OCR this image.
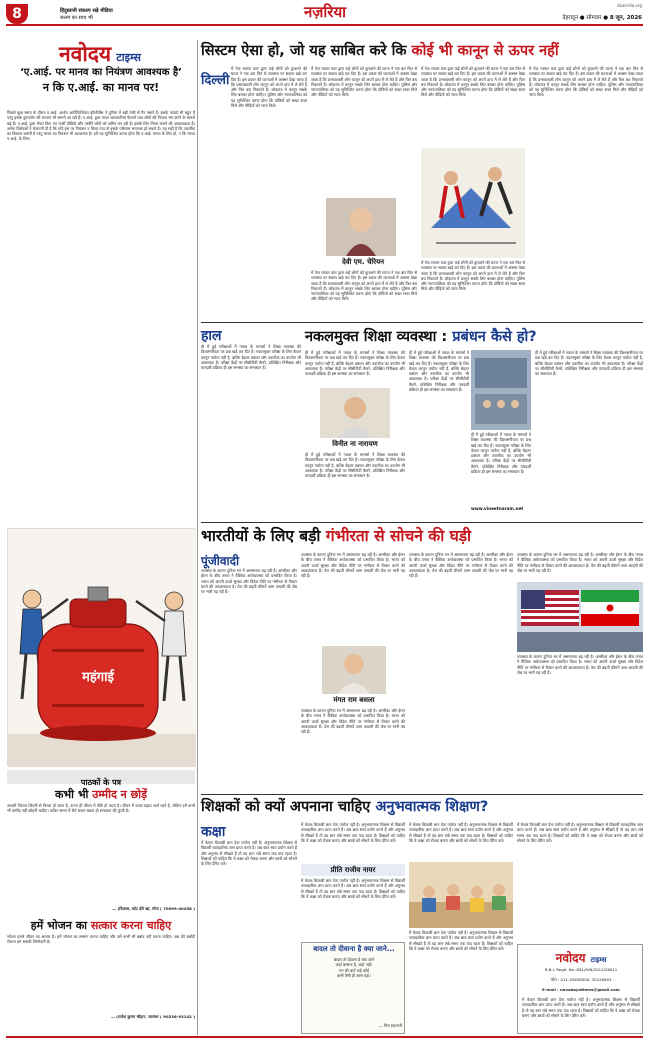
8	हिंदुस्तानी संकल्प रखे मीडिया
कलम का साथ भी	नज़रिया	nbaindia.org
देहरादून ● सोमवार ● 8 जून, 2026
नवोदय टाइम्स
‘ए.आई. पर मानव का नियंत्रण आवश्यक है’
न कि ए.आई. का मानव पर!
पिछले कुछ समय के दौरान ए.आई. अर्थात आर्टिफिशियल इंटैलीजैंस ने दुनिया में बड़ी तेजी से पैर पसारे हैं। इसके फायदे भी बहुत हैं परंतु इसके दुरुपयोग की घटनाएं भी सामने आ रही हैं। ए.आई. द्वारा गलत जानकारियां फैलाने तथा लोगों की निजता भंग करने के मामले बढ़े हैं। ए.आई. द्वारा तैयार किए गए फर्जी वीडियो और तस्वीरें लोगों को भ्रमित कर रही हैं। इसके लिए नियम बनाने की आवश्यकता है। अनेक विशेषज्ञों ने चेतावनी दी है कि यदि इस पर नियंत्रण न किया गया तो इसके परिणाम भयानक हो सकते हैं। यह सही है कि तकनीक का विकास जरूरी है परंतु मानव का नियंत्रण भी आवश्यक है। हमें यह सुनिश्चित करना होगा कि ए.आई. मानव के लिए हो, न कि मानव ए.आई. के लिए।
महंगाई
पाठकों के पत्र
कभी भी उम्मीद न छोड़ें
आदमी जितना जिंदगी से निराश हो जाता है, उतना ही जीवन में पीछे हो जाता है। जीवन में उतार-चढ़ाव आते रहते हैं, लेकिन हमें कभी भी उम्मीद नहीं छोड़नी चाहिए। कठिन समय में धैर्य बनाए रखना ही सफलता की कुंजी है।
— (विकास, कोट ईसे खां, मोगा ( 70099-40458 )
हमें भोजन का सत्कार करना चाहिए
भोजन हमारे जीवन का आधार है। हमें भोजन का सम्मान करना चाहिए और उसे कभी भी बर्बाद नहीं करना चाहिए। अन्न की बर्बादी रोकना हम सबकी जिम्मेदारी है।
— (राजेश कुमार चौहान, जालंधर ( 90236-93142 )
सिस्टम ऐसा हो, जो यह साबित करे कि कोई भी कानून से ऊपर नहीं
दिल्ली
में तेज रफ्तार कार द्वारा कई लोगों को कुचलने की घटना ने एक बार फिर से व्यवस्था पर सवाल खड़े कर दिए हैं। इस प्रकार की घटनाओं में अक्सर देखा जाता है कि प्रभावशाली लोग कानून को अपने हाथ में ले लेते हैं और फिर बच निकलते हैं। लोकतंत्र में कानून सबके लिए बराबर होना चाहिए। पुलिस और न्यायपालिका को यह सुनिश्चित करना होगा कि दोषियों को सख्त सजा मिले और पीड़ितों को न्याय मिले।
में तेज रफ्तार कार द्वारा कई लोगों को कुचलने की घटना ने एक बार फिर से व्यवस्था पर सवाल खड़े कर दिए हैं। इस प्रकार की घटनाओं में अक्सर देखा जाता है कि प्रभावशाली लोग कानून को अपने हाथ में ले लेते हैं और फिर बच निकलते हैं। लोकतंत्र में कानून सबके लिए बराबर होना चाहिए। पुलिस और न्यायपालिका को यह सुनिश्चित करना होगा कि दोषियों को सख्त सजा मिले और पीड़ितों को न्याय मिले।
देवी एम. चेरियन
में तेज रफ्तार कार द्वारा कई लोगों को कुचलने की घटना ने एक बार फिर से व्यवस्था पर सवाल खड़े कर दिए हैं। इस प्रकार की घटनाओं में अक्सर देखा जाता है कि प्रभावशाली लोग कानून को अपने हाथ में ले लेते हैं और फिर बच निकलते हैं। लोकतंत्र में कानून सबके लिए बराबर होना चाहिए। पुलिस और न्यायपालिका को यह सुनिश्चित करना होगा कि दोषियों को सख्त सजा मिले और पीड़ितों को न्याय मिले।
में तेज रफ्तार कार द्वारा कई लोगों को कुचलने की घटना ने एक बार फिर से व्यवस्था पर सवाल खड़े कर दिए हैं। इस प्रकार की घटनाओं में अक्सर देखा जाता है कि प्रभावशाली लोग कानून को अपने हाथ में ले लेते हैं और फिर बच निकलते हैं। लोकतंत्र में कानून सबके लिए बराबर होना चाहिए। पुलिस और न्यायपालिका को यह सुनिश्चित करना होगा कि दोषियों को सख्त सजा मिले और पीड़ितों को न्याय मिले।
में तेज रफ्तार कार द्वारा कई लोगों को कुचलने की घटना ने एक बार फिर से व्यवस्था पर सवाल खड़े कर दिए हैं। इस प्रकार की घटनाओं में अक्सर देखा जाता है कि प्रभावशाली लोग कानून को अपने हाथ में ले लेते हैं और फिर बच निकलते हैं। लोकतंत्र में कानून सबके लिए बराबर होना चाहिए। पुलिस और न्यायपालिका को यह सुनिश्चित करना होगा कि दोषियों को सख्त सजा मिले और पीड़ितों को न्याय मिले।
में तेज रफ्तार कार द्वारा कई लोगों को कुचलने की घटना ने एक बार फिर से व्यवस्था पर सवाल खड़े कर दिए हैं। इस प्रकार की घटनाओं में अक्सर देखा जाता है कि प्रभावशाली लोग कानून को अपने हाथ में ले लेते हैं और फिर बच निकलते हैं। लोकतंत्र में कानून सबके लिए बराबर होना चाहिए। पुलिस और न्यायपालिका को यह सुनिश्चित करना होगा कि दोषियों को सख्त सजा मिले और पीड़ितों को न्याय मिले।
हाल
ही में हुई परीक्षाओं में नकल के मामलों ने शिक्षा व्यवस्था की विश्वसनीयता पर प्रश्न खड़े कर दिए हैं। नकलमुक्त परीक्षा के लिए केवल कानून पर्याप्त नहीं है, बल्कि बेहतर प्रबंधन और तकनीक का उपयोग भी आवश्यक है। परीक्षा केंद्रों पर सीसीटीवी कैमरे, प्रशिक्षित निरीक्षक और पारदर्शी प्रक्रिया ही इस समस्या का समाधान हैं।
नकलमुक्त शिक्षा व्यवस्था : प्रबंधन कैसे हो?
ही में हुई परीक्षाओं में नकल के मामलों ने शिक्षा व्यवस्था की विश्वसनीयता पर प्रश्न खड़े कर दिए हैं। नकलमुक्त परीक्षा के लिए केवल कानून पर्याप्त नहीं है, बल्कि बेहतर प्रबंधन और तकनीक का उपयोग भी आवश्यक है। परीक्षा केंद्रों पर सीसीटीवी कैमरे, प्रशिक्षित निरीक्षक और पारदर्शी प्रक्रिया ही इस समस्या का समाधान हैं।
विनीत ना नारायण
ही में हुई परीक्षाओं में नकल के मामलों ने शिक्षा व्यवस्था की विश्वसनीयता पर प्रश्न खड़े कर दिए हैं। नकलमुक्त परीक्षा के लिए केवल कानून पर्याप्त नहीं है, बल्कि बेहतर प्रबंधन और तकनीक का उपयोग भी आवश्यक है। परीक्षा केंद्रों पर सीसीटीवी कैमरे, प्रशिक्षित निरीक्षक और पारदर्शी प्रक्रिया ही इस समस्या का समाधान हैं।
ही में हुई परीक्षाओं में नकल के मामलों ने शिक्षा व्यवस्था की विश्वसनीयता पर प्रश्न खड़े कर दिए हैं। नकलमुक्त परीक्षा के लिए केवल कानून पर्याप्त नहीं है, बल्कि बेहतर प्रबंधन और तकनीक का उपयोग भी आवश्यक है। परीक्षा केंद्रों पर सीसीटीवी कैमरे, प्रशिक्षित निरीक्षक और पारदर्शी प्रक्रिया ही इस समस्या का समाधान हैं।
ही में हुई परीक्षाओं में नकल के मामलों ने शिक्षा व्यवस्था की विश्वसनीयता पर प्रश्न खड़े कर दिए हैं। नकलमुक्त परीक्षा के लिए केवल कानून पर्याप्त नहीं है, बल्कि बेहतर प्रबंधन और तकनीक का उपयोग भी आवश्यक है। परीक्षा केंद्रों पर सीसीटीवी कैमरे, प्रशिक्षित निरीक्षक और पारदर्शी प्रक्रिया ही इस समस्या का समाधान हैं।
www.vineetnarain.net
ही में हुई परीक्षाओं में नकल के मामलों ने शिक्षा व्यवस्था की विश्वसनीयता पर प्रश्न खड़े कर दिए हैं। नकलमुक्त परीक्षा के लिए केवल कानून पर्याप्त नहीं है, बल्कि बेहतर प्रबंधन और तकनीक का उपयोग भी आवश्यक है। परीक्षा केंद्रों पर सीसीटीवी कैमरे, प्रशिक्षित निरीक्षक और पारदर्शी प्रक्रिया ही इस समस्या का समाधान हैं।
भारतीयों के लिए बड़ी गंभीरता से सोचने की घड़ी
पूंजीवादी
व्यवस्था के कारण दुनिया भर में असमानता बढ़ रही है। अमरीका और ईरान के बीच तनाव ने वैश्विक अर्थव्यवस्था को प्रभावित किया है। भारत को अपनी ऊर्जा सुरक्षा और विदेश नीति पर गंभीरता से विचार करने की आवश्यकता है। तेल की बढ़ती कीमतें आम आदमी की जेब पर भारी पड़ रही हैं।
व्यवस्था के कारण दुनिया भर में असमानता बढ़ रही है। अमरीका और ईरान के बीच तनाव ने वैश्विक अर्थव्यवस्था को प्रभावित किया है। भारत को अपनी ऊर्जा सुरक्षा और विदेश नीति पर गंभीरता से विचार करने की आवश्यकता है। तेल की बढ़ती कीमतें आम आदमी की जेब पर भारी पड़ रही हैं।
मंगत राम बसला
व्यवस्था के कारण दुनिया भर में असमानता बढ़ रही है। अमरीका और ईरान के बीच तनाव ने वैश्विक अर्थव्यवस्था को प्रभावित किया है। भारत को अपनी ऊर्जा सुरक्षा और विदेश नीति पर गंभीरता से विचार करने की आवश्यकता है। तेल की बढ़ती कीमतें आम आदमी की जेब पर भारी पड़ रही हैं।
व्यवस्था के कारण दुनिया भर में असमानता बढ़ रही है। अमरीका और ईरान के बीच तनाव ने वैश्विक अर्थव्यवस्था को प्रभावित किया है। भारत को अपनी ऊर्जा सुरक्षा और विदेश नीति पर गंभीरता से विचार करने की आवश्यकता है। तेल की बढ़ती कीमतें आम आदमी की जेब पर भारी पड़ रही हैं।
व्यवस्था के कारण दुनिया भर में असमानता बढ़ रही है। अमरीका और ईरान के बीच तनाव ने वैश्विक अर्थव्यवस्था को प्रभावित किया है। भारत को अपनी ऊर्जा सुरक्षा और विदेश नीति पर गंभीरता से विचार करने की आवश्यकता है। तेल की बढ़ती कीमतें आम आदमी की जेब पर भारी पड़ रही हैं।
व्यवस्था के कारण दुनिया भर में असमानता बढ़ रही है। अमरीका और ईरान के बीच तनाव ने वैश्विक अर्थव्यवस्था को प्रभावित किया है। भारत को अपनी ऊर्जा सुरक्षा और विदेश नीति पर गंभीरता से विचार करने की आवश्यकता है। तेल की बढ़ती कीमतें आम आदमी की जेब पर भारी पड़ रही हैं।
शिक्षकों को क्यों अपनाना चाहिए अनुभवात्मक शिक्षण?
कक्षा
में केवल किताबी ज्ञान देना पर्याप्त नहीं है। अनुभवात्मक शिक्षण से विद्यार्थी व्यावहारिक ज्ञान प्राप्त करते हैं। जब छात्र स्वयं प्रयोग करते हैं और अनुभव से सीखते हैं तो वह ज्ञान लंबे समय तक याद रहता है। शिक्षकों को चाहिए कि वे कक्षा को रोचक बनाएं और छात्रों को सोचने के लिए प्रेरित करें।
में केवल किताबी ज्ञान देना पर्याप्त नहीं है। अनुभवात्मक शिक्षण से विद्यार्थी व्यावहारिक ज्ञान प्राप्त करते हैं। जब छात्र स्वयं प्रयोग करते हैं और अनुभव से सीखते हैं तो वह ज्ञान लंबे समय तक याद रहता है। शिक्षकों को चाहिए कि वे कक्षा को रोचक बनाएं और छात्रों को सोचने के लिए प्रेरित करें।
प्रीति राजीव नायर
में केवल किताबी ज्ञान देना पर्याप्त नहीं है। अनुभवात्मक शिक्षण से विद्यार्थी व्यावहारिक ज्ञान प्राप्त करते हैं। जब छात्र स्वयं प्रयोग करते हैं और अनुभव से सीखते हैं तो वह ज्ञान लंबे समय तक याद रहता है। शिक्षकों को चाहिए कि वे कक्षा को रोचक बनाएं और छात्रों को सोचने के लिए प्रेरित करें।
बादल तो दीवाना है क्या जाने...
बादल तो दीवाना है क्या जाने
कहां बरसना है, कहां नहीं।
मन की बातें कहे कोई
बरसे ऐसी ही आस यहां।
— गिरा सहगानी
में केवल किताबी ज्ञान देना पर्याप्त नहीं है। अनुभवात्मक शिक्षण से विद्यार्थी व्यावहारिक ज्ञान प्राप्त करते हैं। जब छात्र स्वयं प्रयोग करते हैं और अनुभव से सीखते हैं तो वह ज्ञान लंबे समय तक याद रहता है। शिक्षकों को चाहिए कि वे कक्षा को रोचक बनाएं और छात्रों को सोचने के लिए प्रेरित करें।
में केवल किताबी ज्ञान देना पर्याप्त नहीं है। अनुभवात्मक शिक्षण से विद्यार्थी व्यावहारिक ज्ञान प्राप्त करते हैं। जब छात्र स्वयं प्रयोग करते हैं और अनुभव से सीखते हैं तो वह ज्ञान लंबे समय तक याद रहता है। शिक्षकों को चाहिए कि वे कक्षा को रोचक बनाएं और छात्रों को सोचने के लिए प्रेरित करें।
में केवल किताबी ज्ञान देना पर्याप्त नहीं है। अनुभवात्मक शिक्षण से विद्यार्थी व्यावहारिक ज्ञान प्राप्त करते हैं। जब छात्र स्वयं प्रयोग करते हैं और अनुभव से सीखते हैं तो वह ज्ञान लंबे समय तक याद रहता है। शिक्षकों को चाहिए कि वे कक्षा को रोचक बनाएं और छात्रों को सोचने के लिए प्रेरित करें।
नवोदय टाइम्स
R.N.I. Regd. No.-DEL/HIN/2012/28011
फोन : 011-45658500, 30128903
E-mail : navodayatimes@gmail.com
में केवल किताबी ज्ञान देना पर्याप्त नहीं है। अनुभवात्मक शिक्षण से विद्यार्थी व्यावहारिक ज्ञान प्राप्त करते हैं। जब छात्र स्वयं प्रयोग करते हैं और अनुभव से सीखते हैं तो वह ज्ञान लंबे समय तक याद रहता है। शिक्षकों को चाहिए कि वे कक्षा को रोचक बनाएं और छात्रों को सोचने के लिए प्रेरित करें।
